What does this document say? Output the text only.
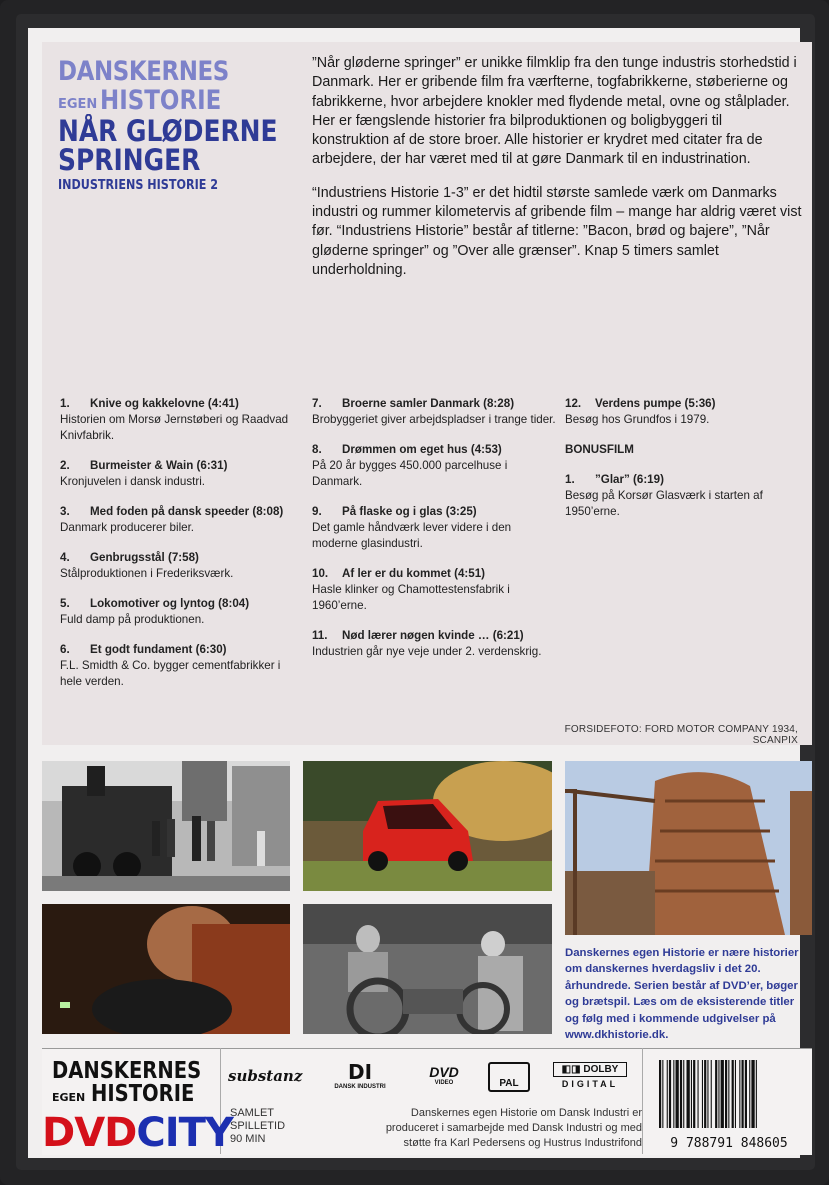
DANSKERNES
EGEN HISTORIE
NÅR GLØDERNE
SPRINGER
INDUSTRIENS HISTORIE 2

”Når gløderne springer” er unikke filmklip fra den tunge industris storhedstid i Danmark. Her er gribende film fra værfterne, togfabrikkerne, støberierne og fabrikkerne, hvor arbejdere knokler med flydende metal, ovne og stålplader. Her er fængslende historier fra bilproduktionen og boligbyggeri til konstruktion af de store broer. Alle historier er krydret med citater fra de arbejdere, der har været med til at gøre Danmark til en industrination.

“Industriens Historie 1-3” er det hidtil største samlede værk om Danmarks industri og rummer kilometervis af gribende film – mange har aldrig været vist før. “Industriens Historie” består af titlerne: ”Bacon, brød og bajere”, ”Når gløderne springer” og ”Over alle grænser”. Knap 5 timers samlet underholdning.

1.	Knive og kakkelovne (4:41)
Historien om Morsø Jernstøberi og Raadvad Knivfabrik.
2.	Burmeister & Wain (6:31)
Kronjuvelen i dansk industri.
3.	Med foden på dansk speeder (8:08)
Danmark producerer biler.
4.	Genbrugsstål (7:58)
Stålproduktionen i Frederiksværk.
5.	Lokomotiver og lyntog (8:04)
Fuld damp på produktionen.
6.	Et godt fundament (6:30)
F.L. Smidth & Co. bygger cementfabrikker i hele verden.
7.	Broerne samler Danmark (8:28)
Brobyggeriet giver arbejdspladser i trange tider.
8.	Drømmen om eget hus (4:53)
På 20 år bygges 450.000 parcelhuse i Danmark.
9.	På flaske og i glas (3:25)
Det gamle håndværk lever videre i den moderne glasindustri.
10.	Af ler er du kommet (4:51)
Hasle klinker og Chamottestensfabrik i 1960’erne.
11.	Nød lærer nøgen kvinde … (6:21)
Industrien går nye veje under 2. verdenskrig.
12.	Verdens pumpe (5:36)
Besøg hos Grundfos i 1979.
BONUSFILM
1.	”Glar” (6:19)
Besøg på Korsør Glasværk i starten af 1950’erne.
FORSIDEFOTO: FORD MOTOR COMPANY 1934, SCANPIX
Danskernes egen Historie er nære historier om danskernes hverdagsliv i det 20. århundrede. Serien består af DVD’er, bøger og brætspil. Læs om de eksisterende titler og følg med i kommende udgivelser på www.dkhistorie.dk.
DANSKERNES
EGEN HISTORIE
DVDCITY
SAMLET
SPILLETID
90 MIN
substanz	DI
DANSK INDUSTRI
DVD
VIDEO	PAL
◧◨ DOLBY
DIGITAL
Danskernes egen Historie om Dansk Industri er produceret i samarbejde med Dansk Industri og med støtte fra Karl Pedersens og Hustrus Industrifond	9 788791 848605
